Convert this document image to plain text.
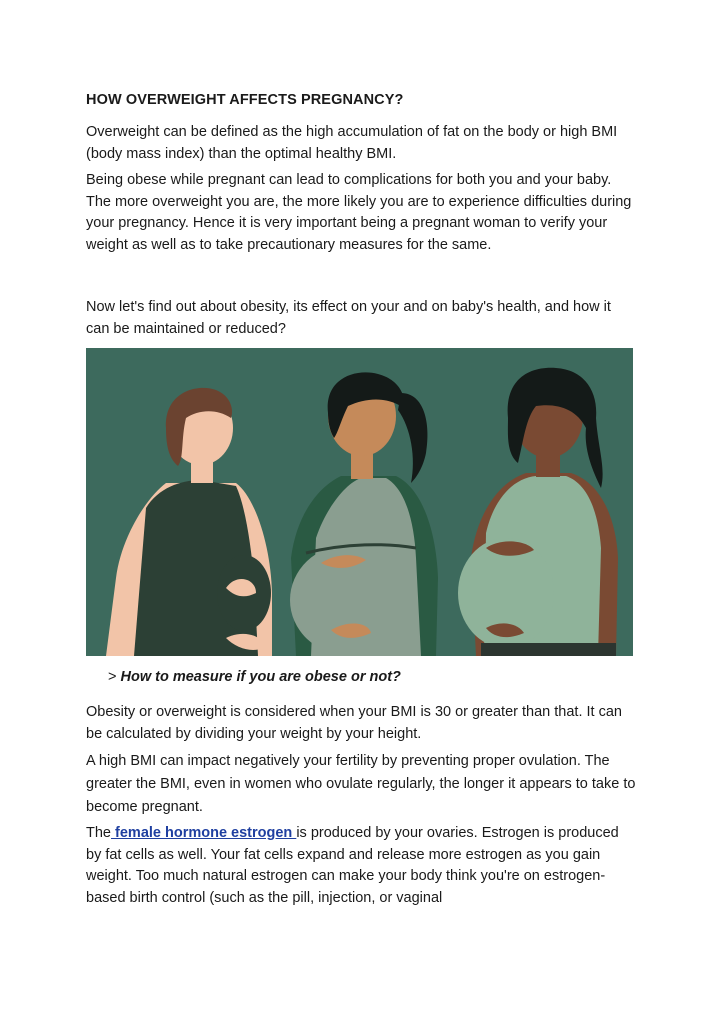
HOW OVERWEIGHT AFFECTS PREGNANCY?

Overweight can be defined as the high accumulation of fat on the body or high BMI (body mass index) than the optimal healthy BMI.

Being obese while pregnant can lead to complications for both you and your baby. The more overweight you are, the more likely you are to experience difficulties during your pregnancy. Hence it is very important being a pregnant woman to verify your weight as well as to take precautionary measures for the same.

Now let's find out about obesity, its effect on your and on baby's health, and how it can be maintained or reduced?

> How to measure if you are obese or not?

Obesity or overweight is considered when your BMI is 30 or greater than that. It can be calculated by dividing your weight by your height.

A high BMI can impact negatively your fertility by preventing proper ovulation. The greater the BMI, even in women who ovulate regularly, the longer it appears to take to become pregnant.

The female hormone estrogen is produced by your ovaries. Estrogen is produced by fat cells as well. Your fat cells expand and release more estrogen as you gain weight. Too much natural estrogen can make your body think you're on estrogen-based birth control (such as the pill, injection, or vaginal
